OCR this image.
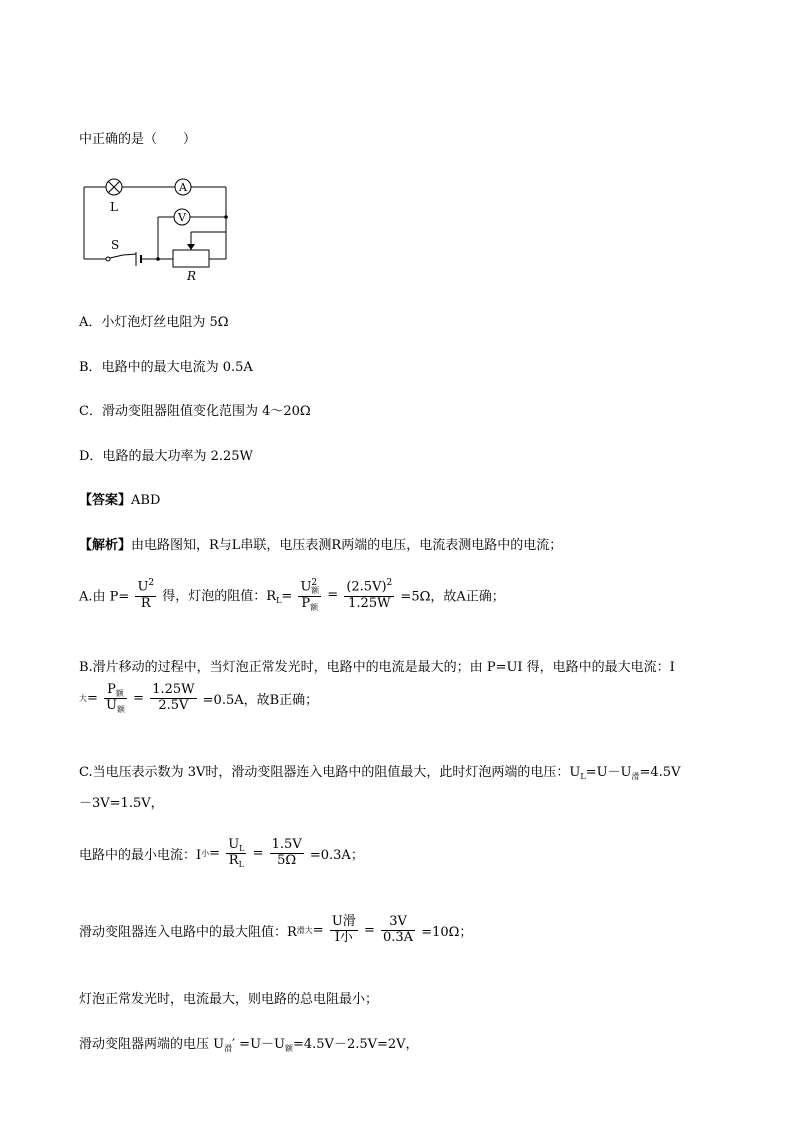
中正确的是（　　）
L
A
V
S
R
A．小灯泡灯丝电阻为 5Ω
B．电路中的最大电流为 0.5A
C．滑动变阻器阻值变化范围为 4～20Ω
D．电路的最大功率为 2.25W
【答案】ABD
【解析】由电路图知，R与L串联，电压表测R两端的电压，电流表测电路中的电流；
A.由 $P= \frac{U^2}{R}$ 得，灯泡的阻值：$R_L= \frac{U^2_额}{P_额} = \frac{(2.5V)^2}{1.25W} =5\Omega$，故A正确；
B.滑片移动的过程中，当灯泡正常发光时，电路中的电流是最大的；由 P=UI 得，电路中的最大电流：I
大= $\frac{P_额}{U_额} = \frac{1.25W}{2.5V} =0.5A$，故B正确；
C.当电压表示数为 3V时，滑动变阻器连入电路中的阻值最大，此时灯泡两端的电压：$U_L=U-U_滑=4.5V$
－3V=1.5V，
电路中的最小电流：I小= $\frac{U_L}{R_L} = \frac{1.5V}{5\Omega} =0.3A$；
滑动变阻器连入电路中的最大阻值：R滑大= $\frac{\text{U滑}}{\text{I小}} = \frac{3V}{0.3A} =10\Omega$；
灯泡正常发光时，电流最大，则电路的总电阻最小；
滑动变阻器两端的电压 $U_滑' =U-U_额=4.5V-2.5V=2V$，
